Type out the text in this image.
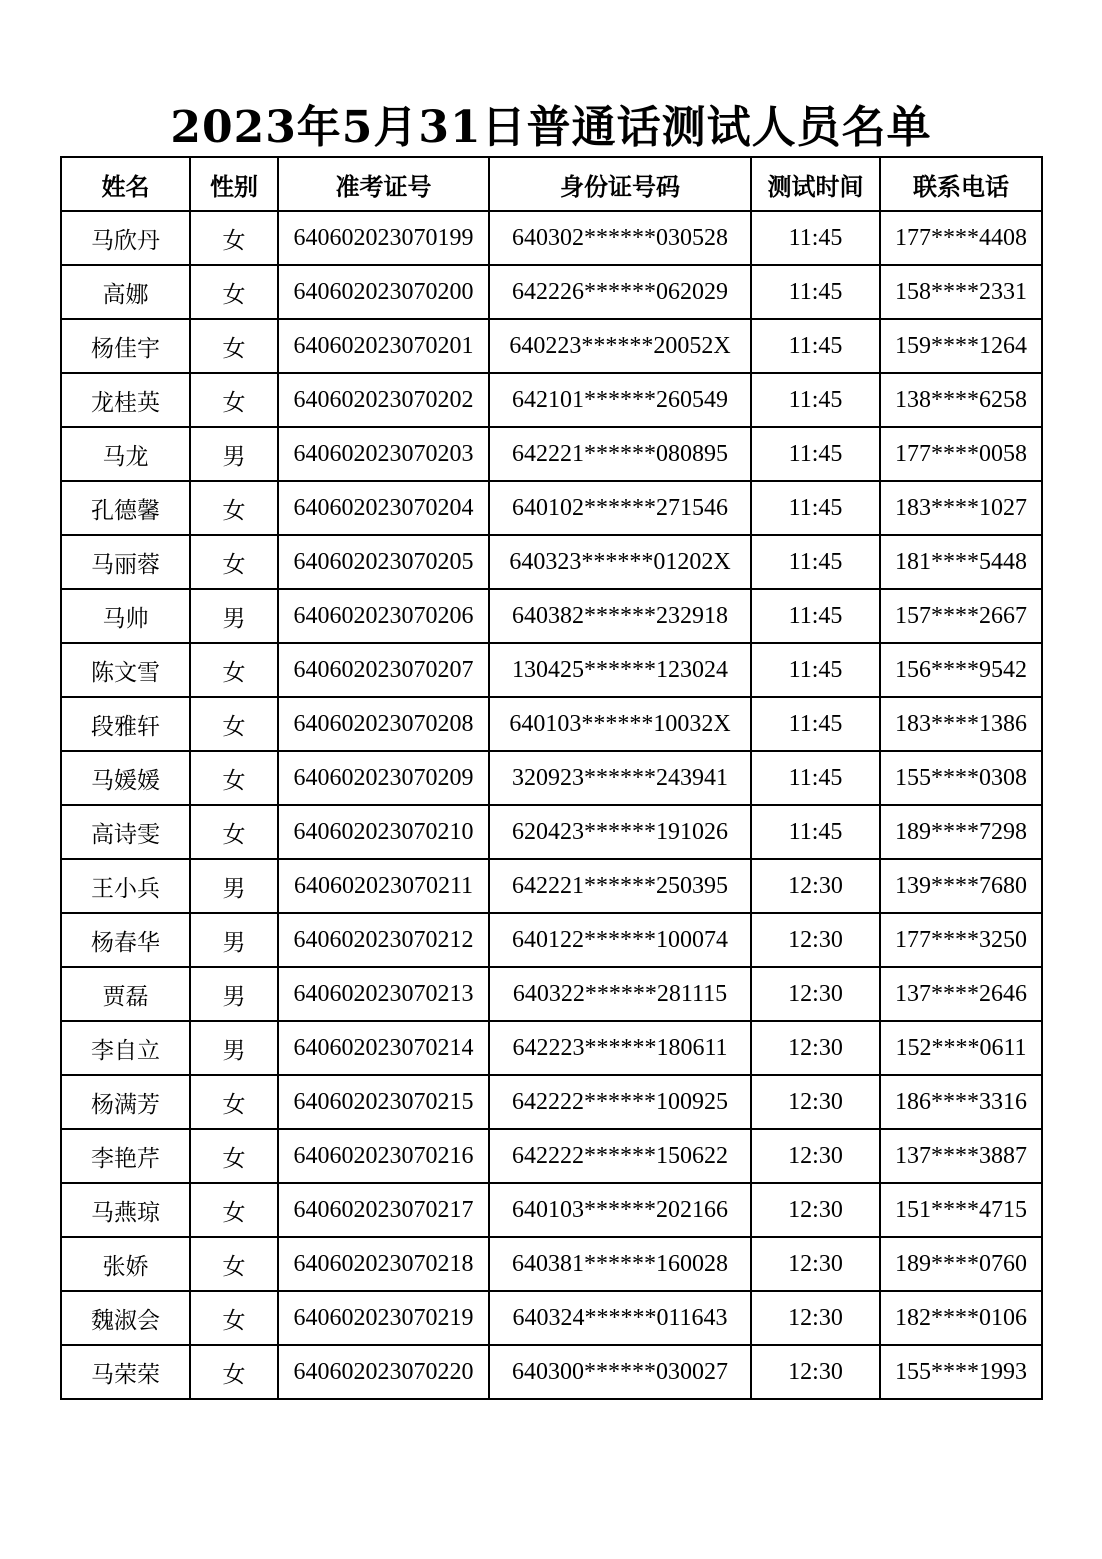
2023年5月31日普通话测试人员名单
姓名	性别	准考证号	身份证号码	测试时间	联系电话
马欣丹	女	640602023070199	640302******030528	11:45	177****4408
高娜	女	640602023070200	642226******062029	11:45	158****2331
杨佳宇	女	640602023070201	640223******20052X	11:45	159****1264
龙桂英	女	640602023070202	642101******260549	11:45	138****6258
马龙	男	640602023070203	642221******080895	11:45	177****0058
孔德馨	女	640602023070204	640102******271546	11:45	183****1027
马丽蓉	女	640602023070205	640323******01202X	11:45	181****5448
马帅	男	640602023070206	640382******232918	11:45	157****2667
陈文雪	女	640602023070207	130425******123024	11:45	156****9542
段雅轩	女	640602023070208	640103******10032X	11:45	183****1386
马媛媛	女	640602023070209	320923******243941	11:45	155****0308
高诗雯	女	640602023070210	620423******191026	11:45	189****7298
王小兵	男	640602023070211	642221******250395	12:30	139****7680
杨春华	男	640602023070212	640122******100074	12:30	177****3250
贾磊	男	640602023070213	640322******281115	12:30	137****2646
李自立	男	640602023070214	642223******180611	12:30	152****0611
杨满芳	女	640602023070215	642222******100925	12:30	186****3316
李艳芹	女	640602023070216	642222******150622	12:30	137****3887
马燕琼	女	640602023070217	640103******202166	12:30	151****4715
张娇	女	640602023070218	640381******160028	12:30	189****0760
魏淑会	女	640602023070219	640324******011643	12:30	182****0106
马荣荣	女	640602023070220	640300******030027	12:30	155****1993
